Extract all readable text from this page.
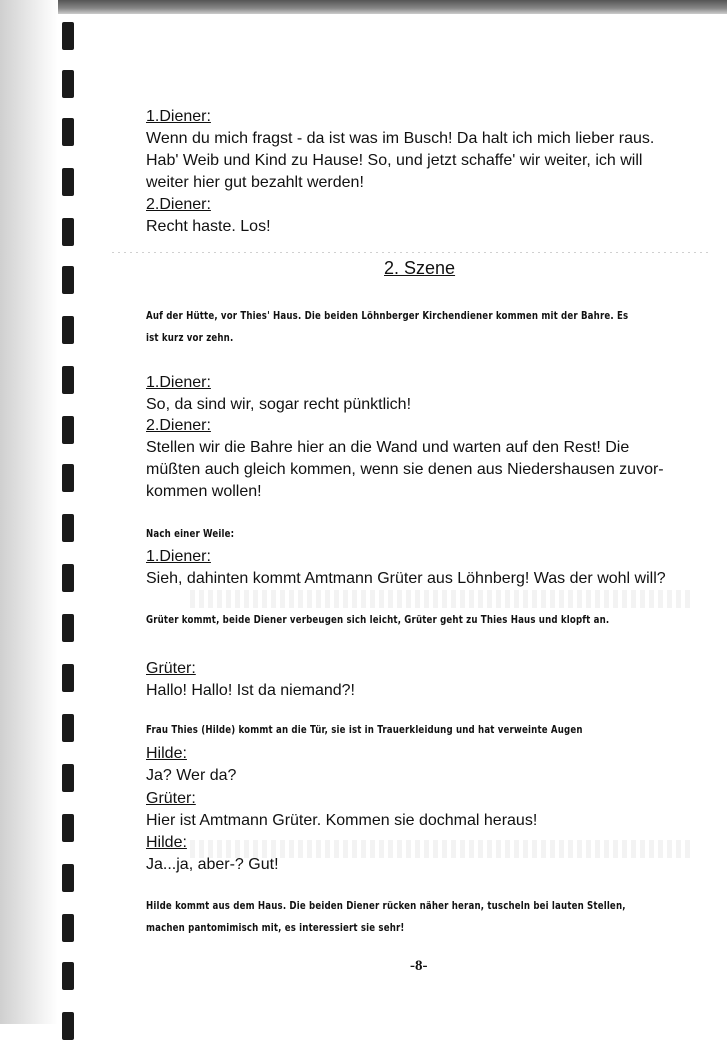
1.Diener:
Wenn du mich fragst - da ist was im Busch! Da halt ich mich lieber raus.
Hab' Weib und Kind zu Hause! So, und jetzt schaffe' wir weiter, ich will
weiter hier gut bezahlt werden!
2.Diener:
Recht haste. Los!
2. Szene
Auf der Hütte, vor Thies' Haus. Die beiden Löhnberger Kirchendiener kommen mit der Bahre. Es
ist kurz vor zehn.
1.Diener:
So, da sind wir, sogar recht pünktlich!
2.Diener:
Stellen wir die Bahre hier an die Wand und warten auf den Rest! Die
müßten auch gleich kommen, wenn sie denen aus Niedershausen zuvor-
kommen wollen!
Nach einer Weile:
1.Diener:
Sieh, dahinten kommt Amtmann Grüter aus Löhnberg! Was der wohl will?
Grüter kommt, beide Diener verbeugen sich leicht, Grüter geht zu Thies Haus und klopft an.
Grüter:
Hallo! Hallo! Ist da niemand?!
Frau Thies (Hilde) kommt an die Tür, sie ist in Trauerkleidung und hat verweinte Augen
Hilde:
Ja? Wer da?
Grüter:
Hier ist Amtmann Grüter. Kommen sie dochmal heraus!
Hilde:
Ja...ja, aber-? Gut!
Hilde kommt aus dem Haus. Die beiden Diener rücken näher heran, tuscheln bei lauten Stellen,
machen pantomimisch mit, es interessiert sie sehr!
-8-
